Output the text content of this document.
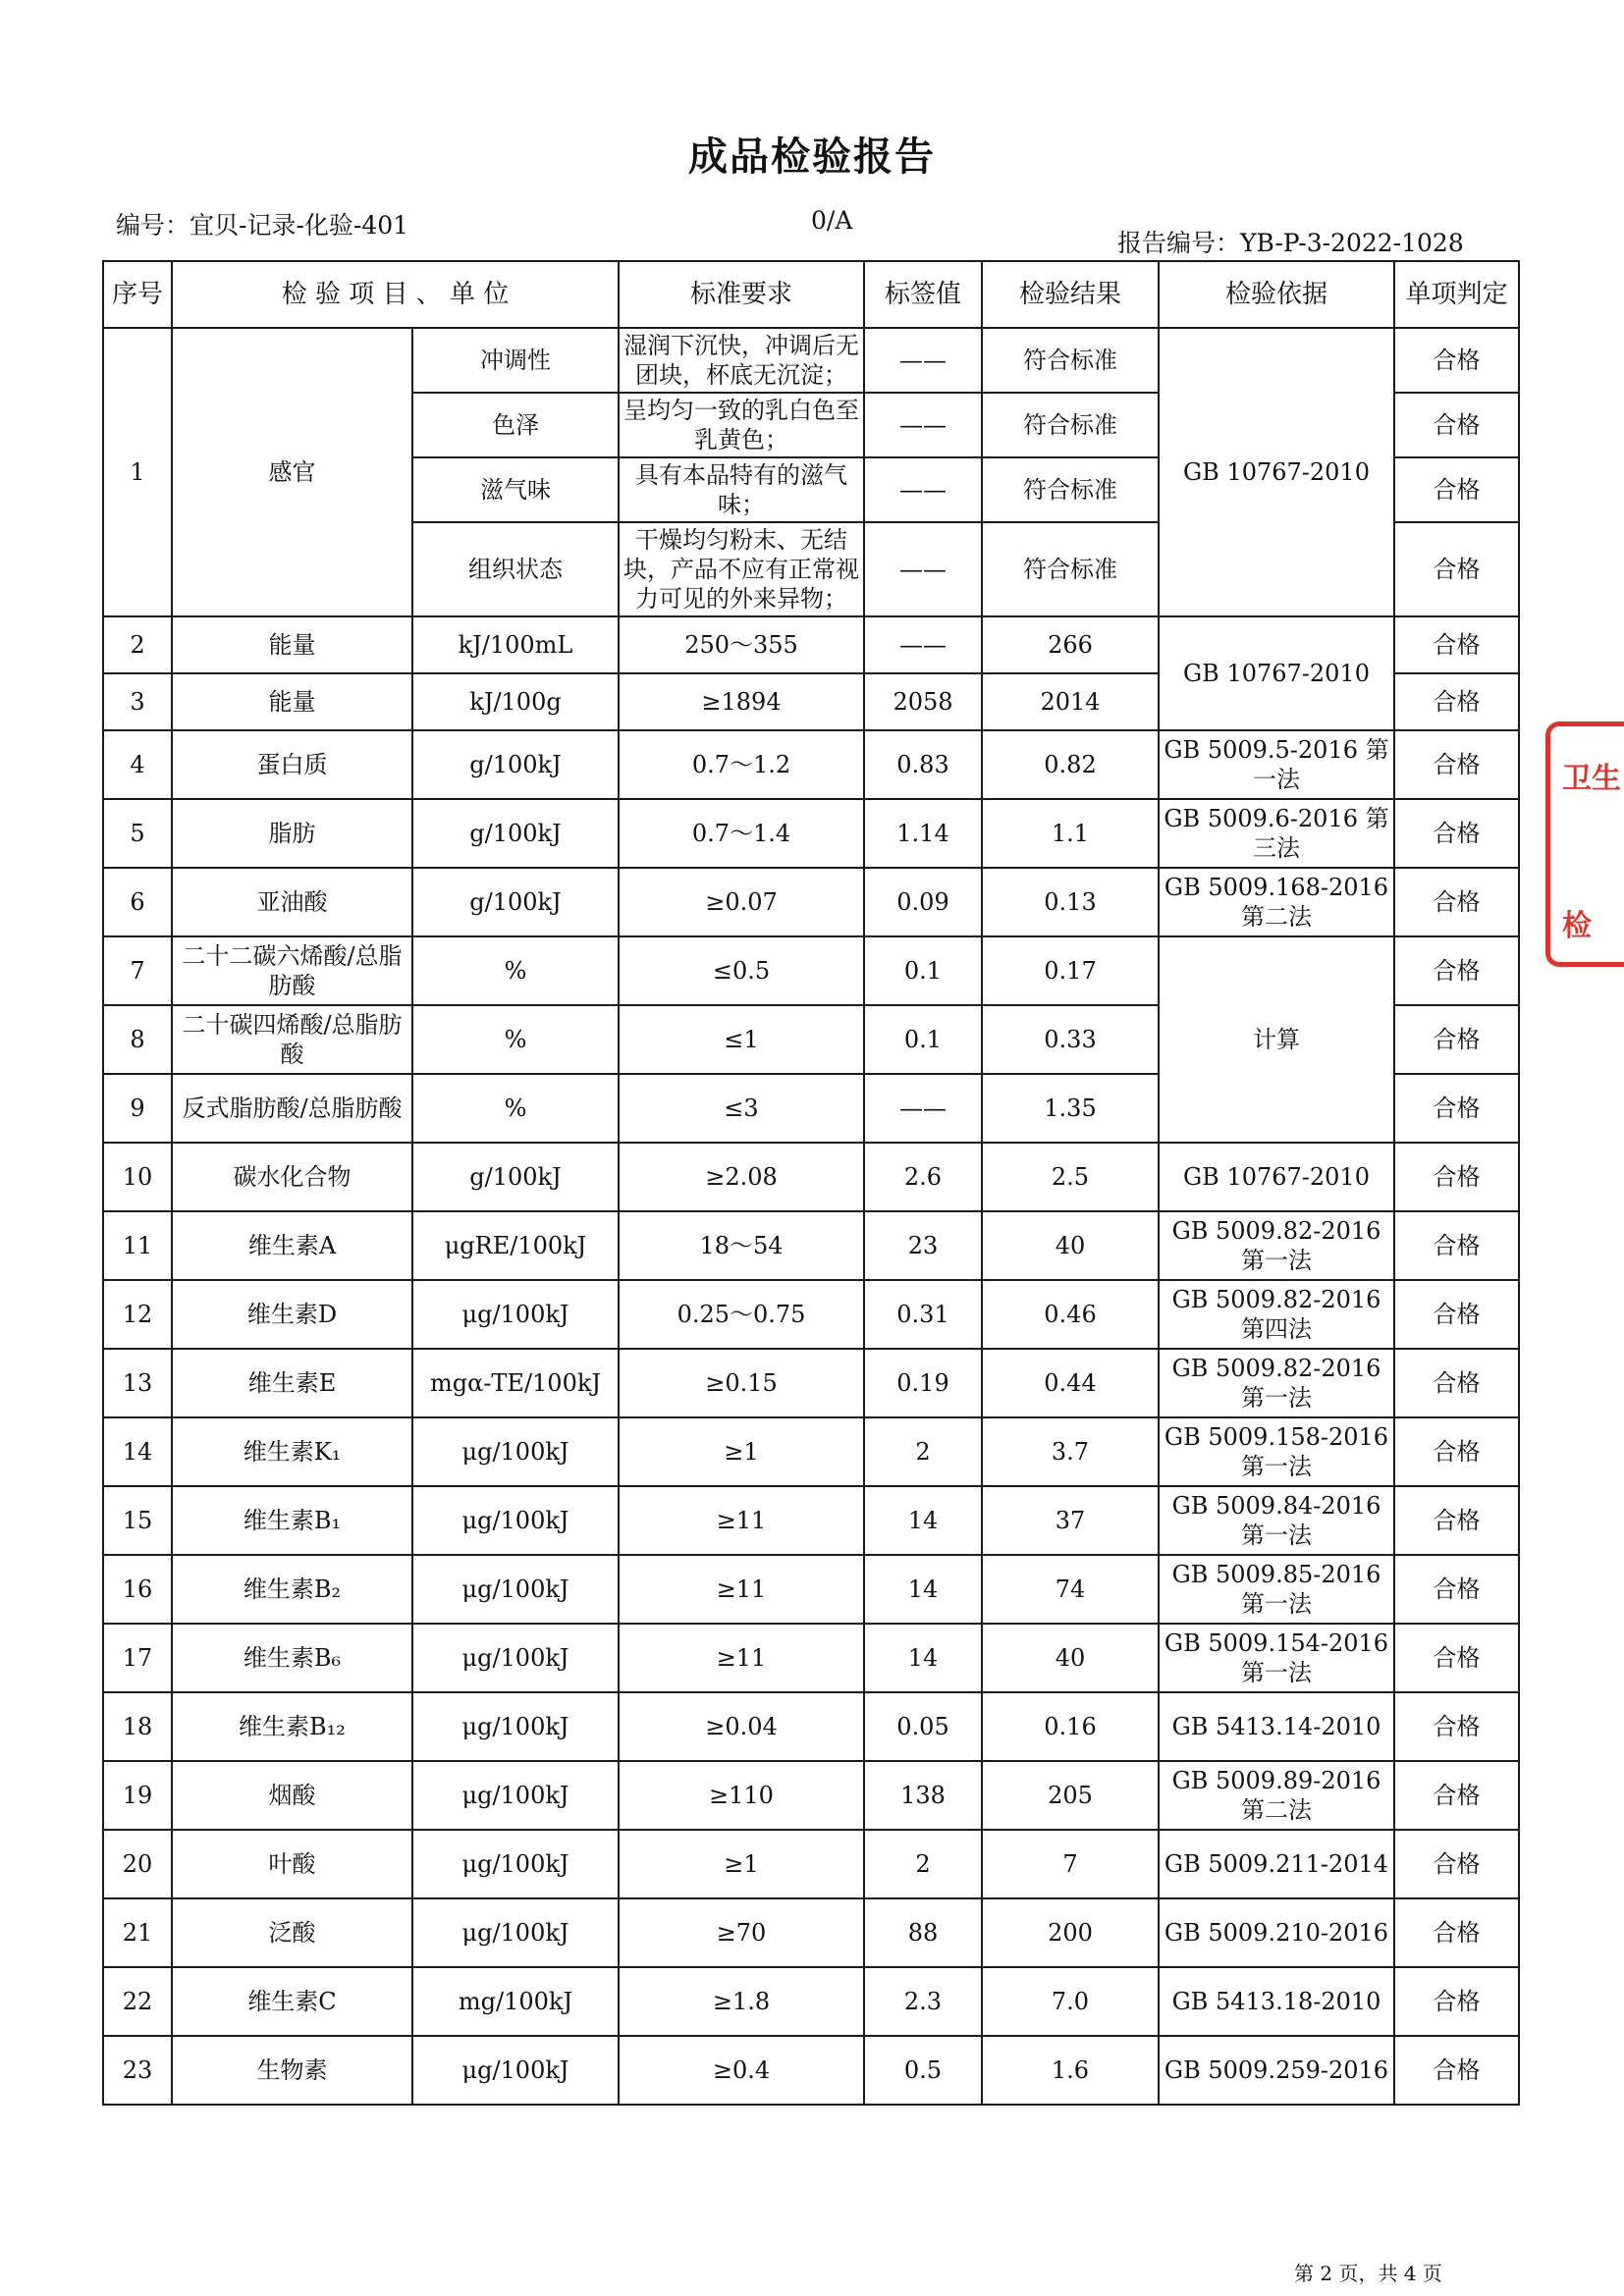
成品检验报告
编号：宜贝-记录-化验-401	0/A
报告编号：YB-P-3-2022-1028
序号	检 验 项 目 、 单 位		标准要求	标签值	检验结果	检验依据	单项判定
1	感官	冲调性	湿润下沉快，冲调后无团块，杯底无沉淀；	——	符合标准	GB 10767-2010	合格
		色泽	呈均匀一致的乳白色至乳黄色；	——	符合标准		合格
		滋气味	具有本品特有的滋气味；	——	符合标准		合格
		组织状态	干燥均匀粉末、无结块，产品不应有正常视力可见的外来异物；	——	符合标准		合格
2	能量	kJ/100mL	250～355	——	266	GB 10767-2010	合格
3	能量	kJ/100g	≥1894	2058	2014		合格
4	蛋白质	g/100kJ	0.7～1.2	0.83	0.82	GB 5009.5-2016 第一法	合格
5	脂肪	g/100kJ	0.7～1.4	1.14	1.1	GB 5009.6-2016 第三法	合格
6	亚油酸	g/100kJ	≥0.07	0.09	0.13	GB 5009.168-2016 第二法	合格
7	二十二碳六烯酸/总脂肪酸	%	≤0.5	0.1	0.17	计算	合格
8	二十碳四烯酸/总脂肪酸	%	≤1	0.1	0.33		合格
9	反式脂肪酸/总脂肪酸	%	≤3	——	1.35		合格
10	碳水化合物	g/100kJ	≥2.08	2.6	2.5	GB 10767-2010	合格
11	维生素A	μgRE/100kJ	18～54	23	40	GB 5009.82-2016 第一法	合格
12	维生素D	μg/100kJ	0.25～0.75	0.31	0.46	GB 5009.82-2016 第四法	合格
13	维生素E	mgα-TE/100kJ	≥0.15	0.19	0.44	GB 5009.82-2016 第一法	合格
14	维生素K₁	μg/100kJ	≥1	2	3.7	GB 5009.158-2016 第一法	合格
15	维生素B₁	μg/100kJ	≥11	14	37	GB 5009.84-2016 第一法	合格
16	维生素B₂	μg/100kJ	≥11	14	74	GB 5009.85-2016 第一法	合格
17	维生素B₆	μg/100kJ	≥11	14	40	GB 5009.154-2016 第一法	合格
18	维生素B₁₂	μg/100kJ	≥0.04	0.05	0.16	GB 5413.14-2010	合格
19	烟酸	μg/100kJ	≥110	138	205	GB 5009.89-2016 第二法	合格
20	叶酸	μg/100kJ	≥1	2	7	GB 5009.211-2014	合格
21	泛酸	μg/100kJ	≥70	88	200	GB 5009.210-2016	合格
22	维生素C	mg/100kJ	≥1.8	2.3	7.0	GB 5413.18-2010	合格
23	生物素	μg/100kJ	≥0.4	0.5	1.6	GB 5009.259-2016	合格
卫生
检
第 2 页，共 4 页
